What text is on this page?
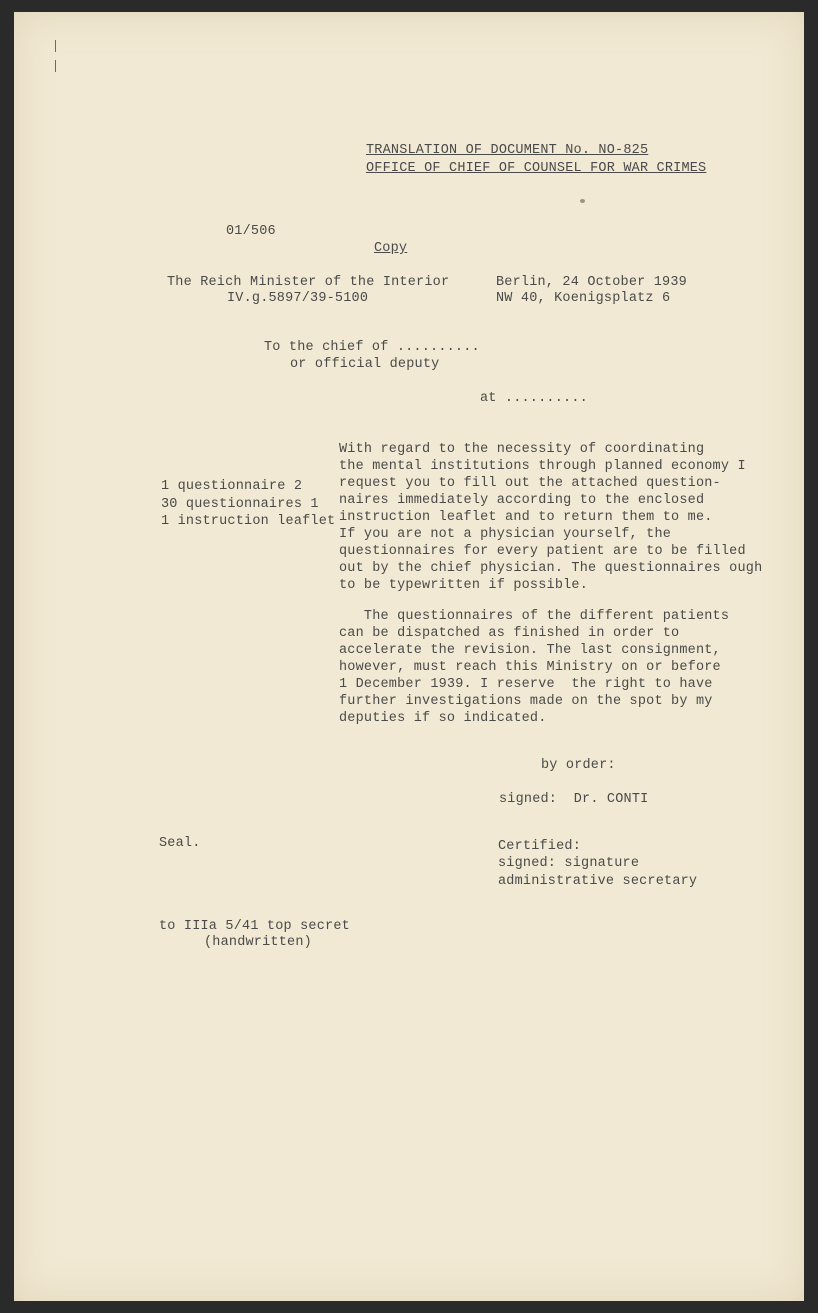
TRANSLATION OF DOCUMENT No. NO-825
OFFICE OF CHIEF OF COUNSEL FOR WAR CRIMES
01/506
Copy
The Reich Minister of the Interior
IV.g.5897/39-5100
Berlin, 24 October 1939
NW 40, Koenigsplatz 6
To the chief of ..........
or official deputy
at ..........
1 questionnaire 2
30 questionnaires 1
1 instruction leaflet
With regard to the necessity of coordinating
the mental institutions through planned economy I
request you to fill out the attached question-
naires immediately according to the enclosed
instruction leaflet and to return them to me.
If you are not a physician yourself, the
questionnaires for every patient are to be filled
out by the chief physician. The questionnaires ough
to be typewritten if possible.
The questionnaires of the different patients
can be dispatched as finished in order to
accelerate the revision. The last consignment,
however, must reach this Ministry on or before
1 December 1939. I reserve  the right to have
further investigations made on the spot by my
deputies if so indicated.
by order:
signed:  Dr. CONTI
Seal.	Certified:
signed: signature
administrative secretary
to IIIa 5/41 top secret
(handwritten)
